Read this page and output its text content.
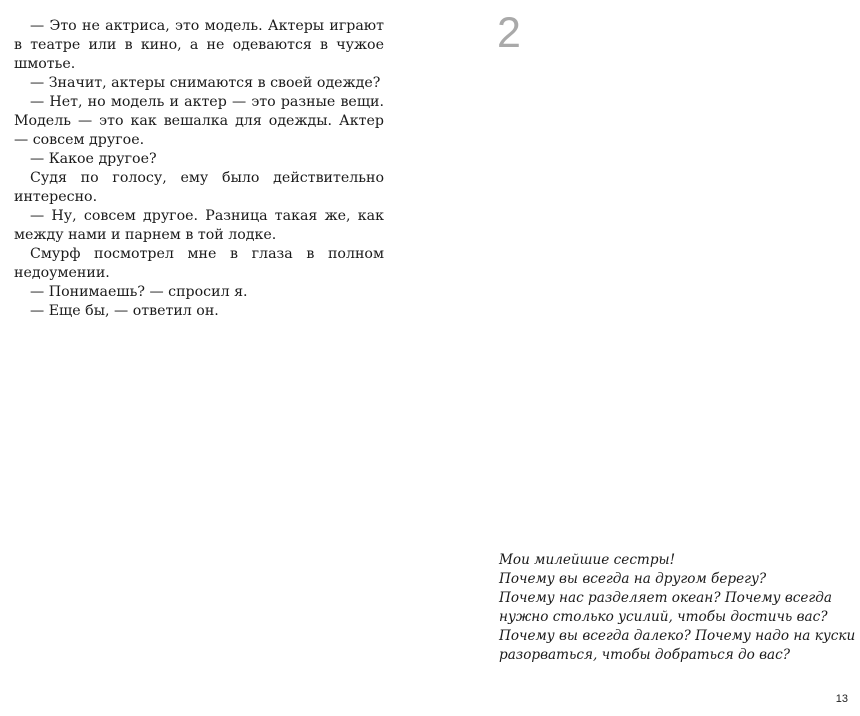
— Это не актриса, это модель. Актеры играют в театре или в кино, а не одеваются в чужое шмотье.

— Значит, актеры снимаются в своей одежде?

— Нет, но модель и актер — это разные вещи. Модель — это как вешалка для одежды. Актер — совсем другое.

— Какое другое?

Судя по голосу, ему было действительно интересно.

— Ну, совсем другое. Разница такая же, как между нами и парнем в той лодке.

Смурф посмотрел мне в глаза в полном недоумении.

— Понимаешь? — спросил я.

— Еще бы, — ответил он.

2
Мои милейшие сестры!
Почему вы всегда на другом берегу?
Почему нас разделяет океан? Почему всегда
нужно столько усилий, чтобы достичь вас?
Почему вы всегда далеко? Почему надо на куски
разорваться, чтобы добраться до вас?
13
